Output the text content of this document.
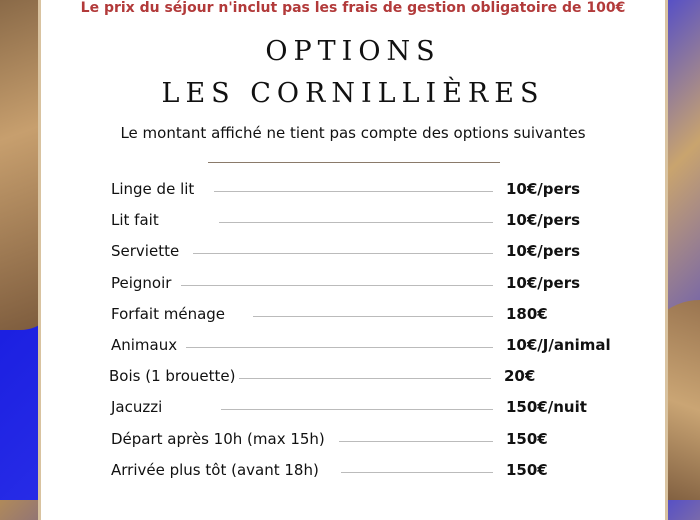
Le prix du séjour n'inclut pas les frais de gestion obligatoire de 100€
OPTIONS
LES CORNILLIÈRES
Le montant affiché ne tient pas compte des options suivantes
Linge de lit	10€/pers
Lit fait	10€/pers
Serviette	10€/pers
Peignoir	10€/pers
Forfait ménage	180€
Animaux	10€/J/animal
Bois (1 brouette)	20€
Jacuzzi	150€/nuit
Départ après 10h (max 15h)	150€
Arrivée plus tôt (avant 18h)	150€
